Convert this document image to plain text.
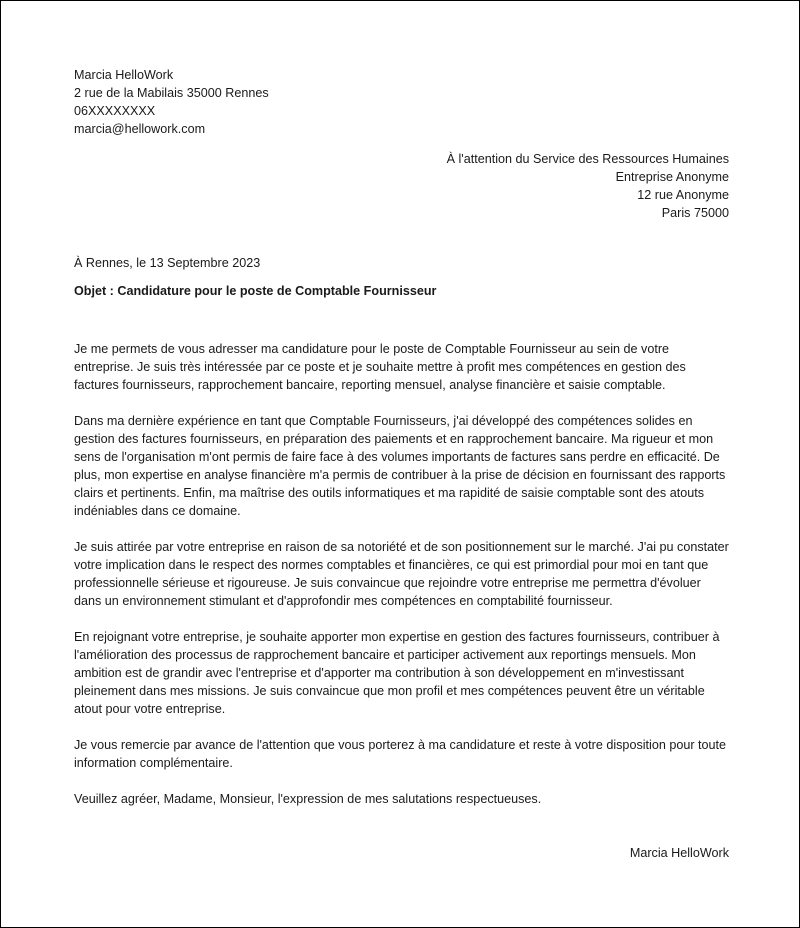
Marcia HelloWork
2 rue de la Mabilais 35000 Rennes
06XXXXXXXX
marcia@hellowork.com
À l'attention du Service des Ressources Humaines
Entreprise Anonyme
12 rue Anonyme
Paris 75000
À Rennes, le 13 Septembre 2023
Objet : Candidature pour le poste de Comptable Fournisseur

Je me permets de vous adresser ma candidature pour le poste de Comptable Fournisseur au sein de votre entreprise. Je suis très intéressée par ce poste et je souhaite mettre à profit mes compétences en gestion des factures fournisseurs, rapprochement bancaire, reporting mensuel, analyse financière et saisie comptable.

Dans ma dernière expérience en tant que Comptable Fournisseurs, j'ai développé des compétences solides en gestion des factures fournisseurs, en préparation des paiements et en rapprochement bancaire. Ma rigueur et mon sens de l'organisation m'ont permis de faire face à des volumes importants de factures sans perdre en efficacité. De plus, mon expertise en analyse financière m'a permis de contribuer à la prise de décision en fournissant des rapports clairs et pertinents. Enfin, ma maîtrise des outils informatiques et ma rapidité de saisie comptable sont des atouts indéniables dans ce domaine.

Je suis attirée par votre entreprise en raison de sa notoriété et de son positionnement sur le marché. J'ai pu constater votre implication dans le respect des normes comptables et financières, ce qui est primordial pour moi en tant que professionnelle sérieuse et rigoureuse. Je suis convaincue que rejoindre votre entreprise me permettra d'évoluer dans un environnement stimulant et d'approfondir mes compétences en comptabilité fournisseur.

En rejoignant votre entreprise, je souhaite apporter mon expertise en gestion des factures fournisseurs, contribuer à l'amélioration des processus de rapprochement bancaire et participer activement aux reportings mensuels. Mon ambition est de grandir avec l'entreprise et d'apporter ma contribution à son développement en m'investissant pleinement dans mes missions. Je suis convaincue que mon profil et mes compétences peuvent être un véritable atout pour votre entreprise.

Je vous remercie par avance de l'attention que vous porterez à ma candidature et reste à votre disposition pour toute information complémentaire.

Veuillez agréer, Madame, Monsieur, l'expression de mes salutations respectueuses.

Marcia HelloWork
